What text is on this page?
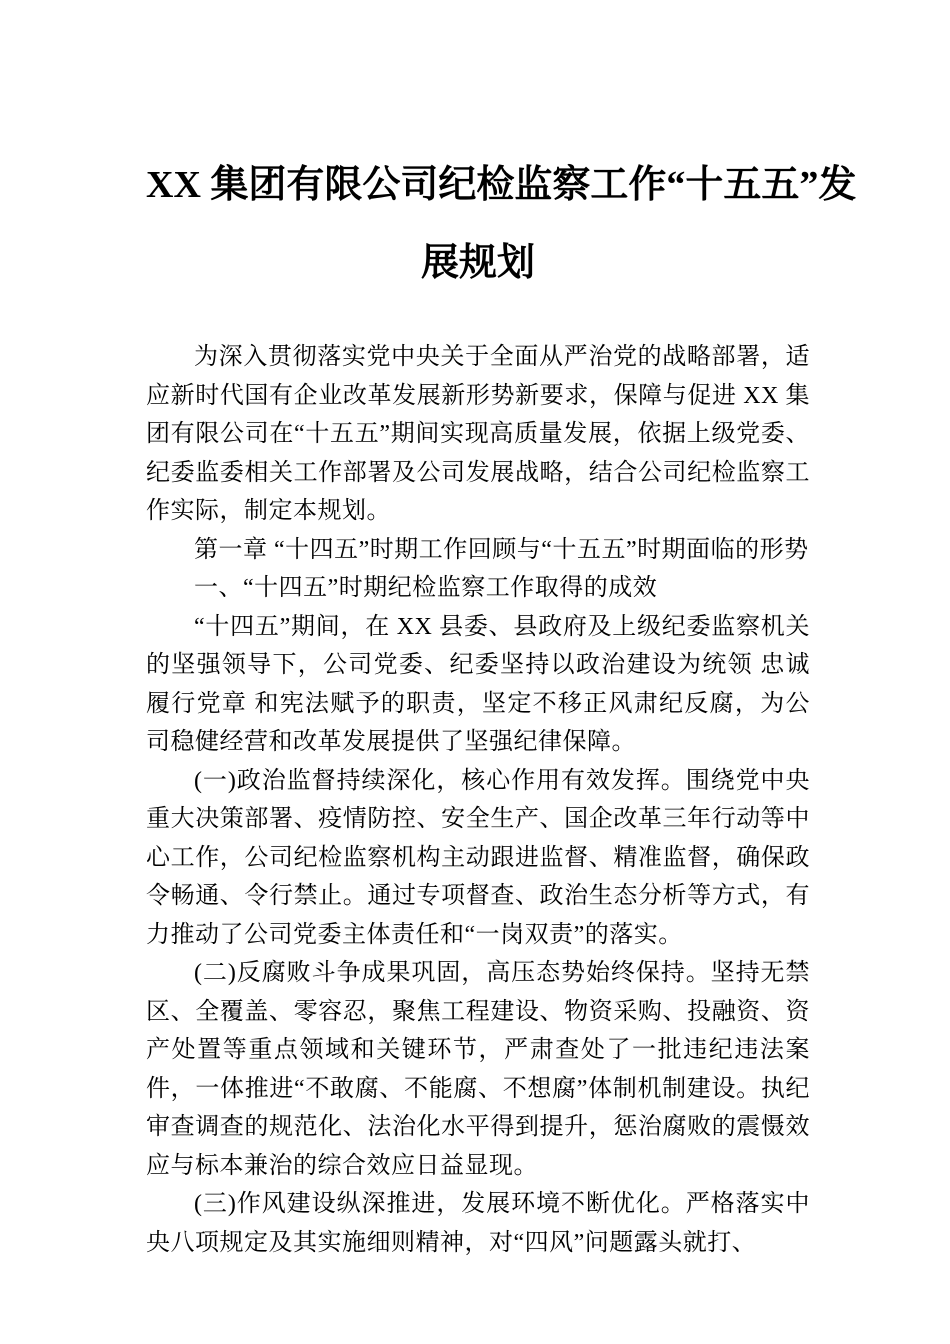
XX 集团有限公司纪检监察工作“十五五”发
展规划

为深入贯彻落实党中央关于全面从严治党的战略部署，适应新时代国有企业改革发展新形势新要求，保障与促进 XX 集团有限公司在“十五五”期间实现高质量发展，依据上级党委、纪委监委相关工作部署及公司发展战略，结合公司纪检监察工作实际，制定本规划。

第一章 “十四五”时期工作回顾与“十五五”时期面临的形势

一、“十四五”时期纪检监察工作取得的成效

“十四五”期间，在 XX 县委、县政府及上级纪委监察机关的坚强领导下，公司党委、纪委坚持以政治建设为统领 忠诚履行党章 和宪法赋予的职责，坚定不移正风肃纪反腐，为公司稳健经营和改革发展提供了坚强纪律保障。

(一)政治监督持续深化，核心作用有效发挥。围绕党中央重大决策部署、疫情防控、安全生产、国企改革三年行动等中心工作，公司纪检监察机构主动跟进监督、精准监督，确保政令畅通、令行禁止。通过专项督查、政治生态分析等方式，有力推动了公司党委主体责任和“一岗双责”的落实。

(二)反腐败斗争成果巩固，高压态势始终保持。坚持无禁区、全覆盖、零容忍，聚焦工程建设、物资采购、投融资、资产处置等重点领域和关键环节，严肃查处了一批违纪违法案件，一体推进“不敢腐、不能腐、不想腐”体制机制建设。执纪审查调查的规范化、法治化水平得到提升，惩治腐败的震慑效应与标本兼治的综合效应日益显现。

(三)作风建设纵深推进，发展环境不断优化。严格落实中央八项规定及其实施细则精神，对“四风”问题露头就打、
